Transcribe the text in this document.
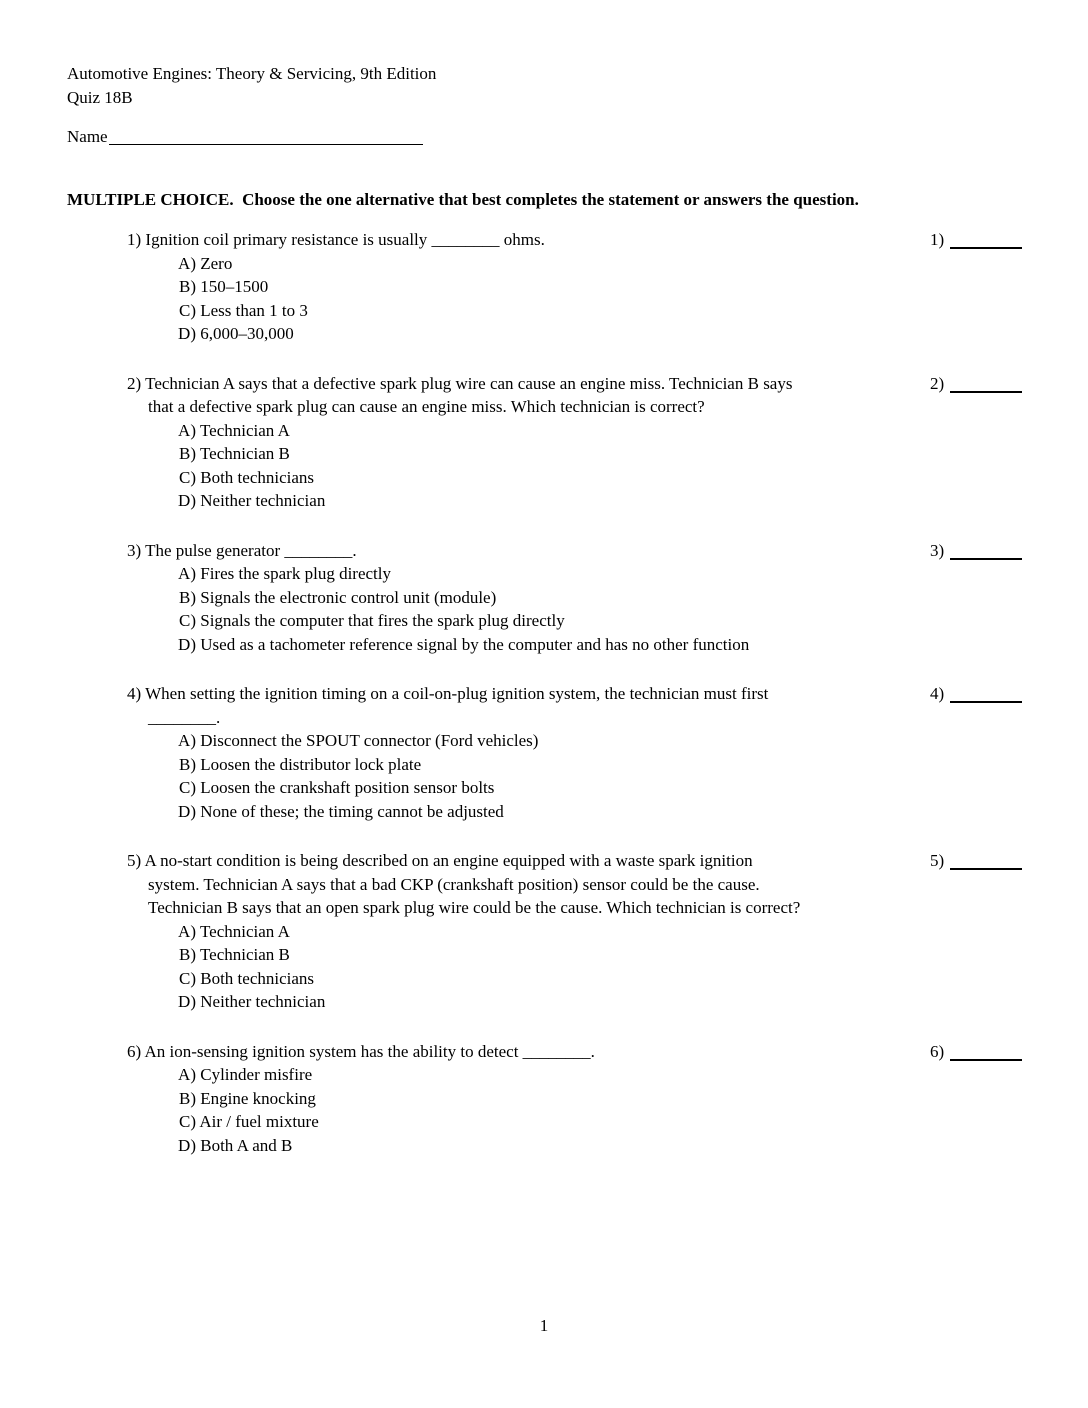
Automotive Engines: Theory & Servicing, 9th Edition
Quiz 18B
Name
MULTIPLE CHOICE.  Choose the one alternative that best completes the statement or answers the question.
1) Ignition coil primary resistance is usually ________ ohms.
A) Zero
B) 150–1500
C) Less than 1 to 3
D) 6,000–30,000
1)
2) Technician A says that a defective spark plug wire can cause an engine miss. Technician B says
that a defective spark plug can cause an engine miss. Which technician is correct?
A) Technician A
B) Technician B
C) Both technicians
D) Neither technician
2)
3) The pulse generator ________.
A) Fires the spark plug directly
B) Signals the electronic control unit (module)
C) Signals the computer that fires the spark plug directly
D) Used as a tachometer reference signal by the computer and has no other function
3)
4) When setting the ignition timing on a coil-on-plug ignition system, the technician must first
________.
A) Disconnect the SPOUT connector (Ford vehicles)
B) Loosen the distributor lock plate
C) Loosen the crankshaft position sensor bolts
D) None of these; the timing cannot be adjusted
4)
5) A no-start condition is being described on an engine equipped with a waste spark ignition
system. Technician A says that a bad CKP (crankshaft position) sensor could be the cause.
Technician B says that an open spark plug wire could be the cause. Which technician is correct?
A) Technician A
B) Technician B
C) Both technicians
D) Neither technician
5)
6) An ion-sensing ignition system has the ability to detect ________.
A) Cylinder misfire
B) Engine knocking
C) Air / fuel mixture
D) Both A and B
6)
1
